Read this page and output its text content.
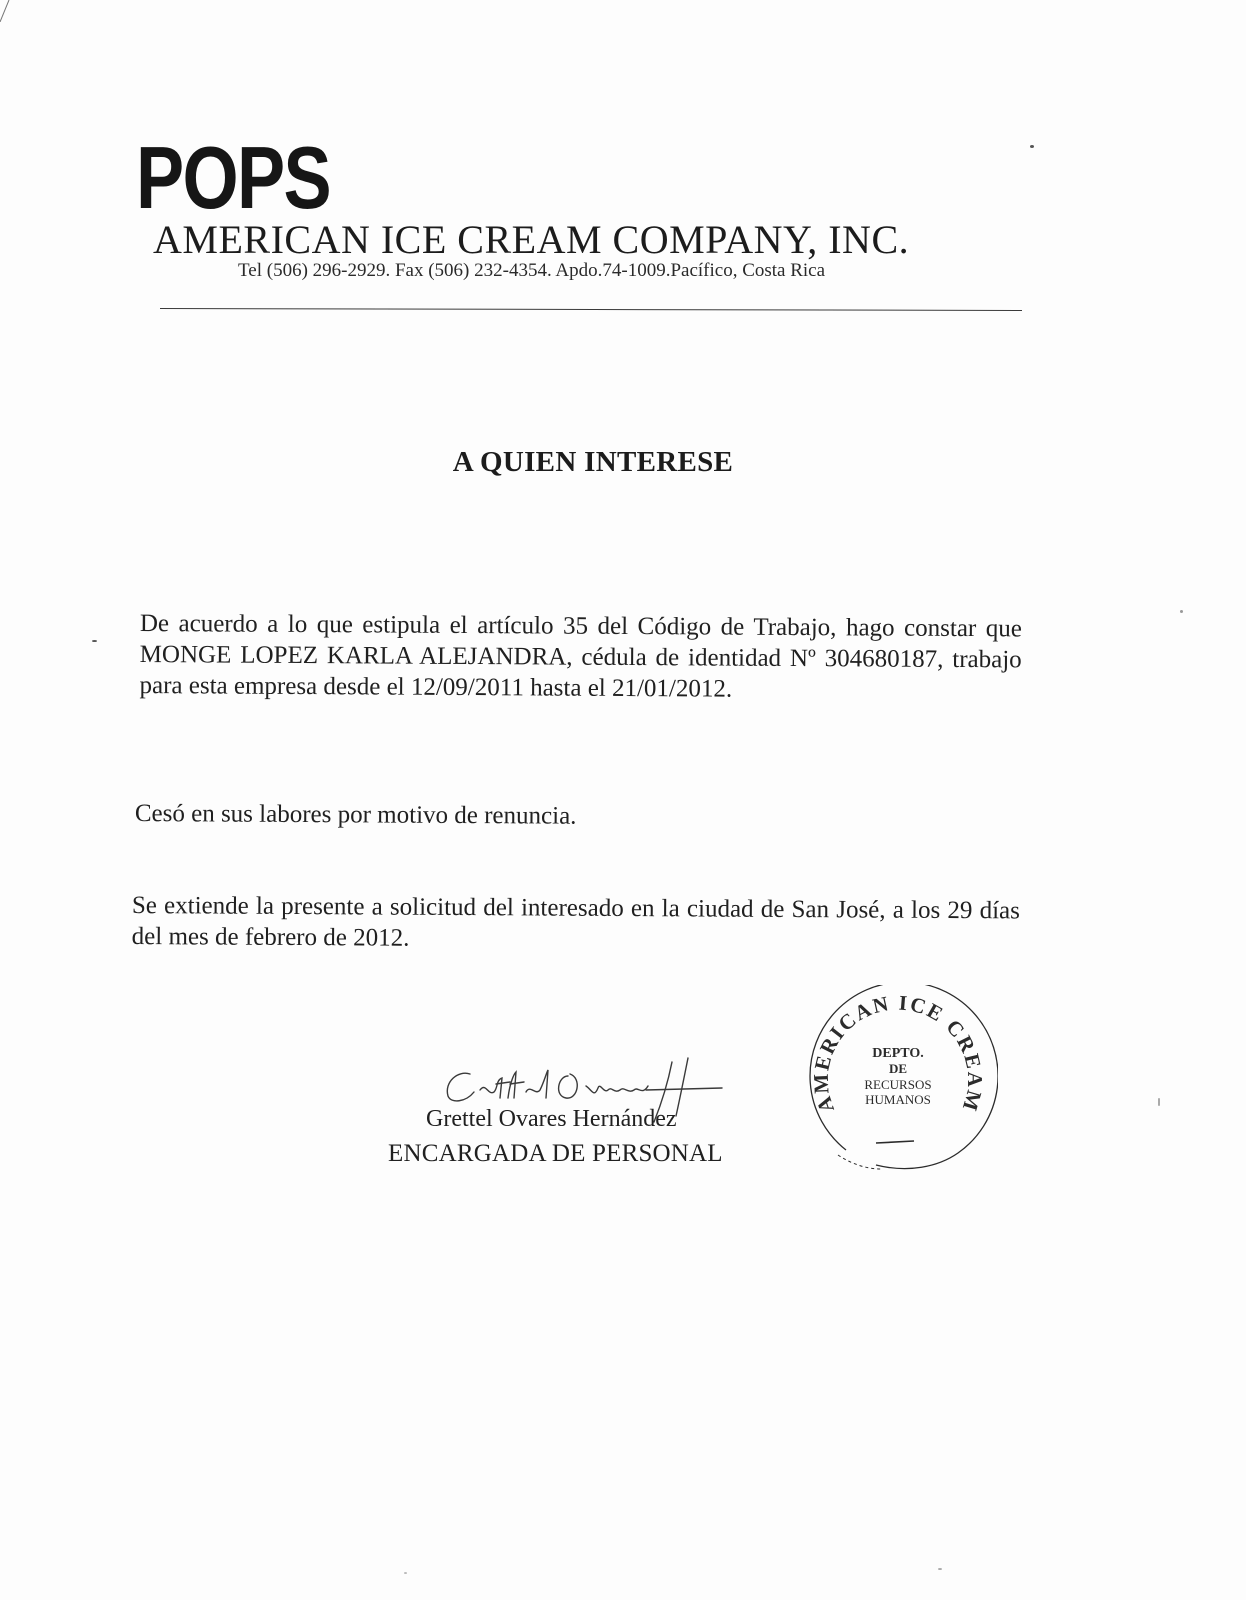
POPS
AMERICAN ICE CREAM COMPANY, INC.
Tel (506) 296-2929. Fax (506) 232-4354. Apdo.74-1009.Pacífico, Costa Rica
A QUIEN INTERESE
De acuerdo a lo que estipula el artículo 35 del Código de Trabajo, hago constar que MONGE LOPEZ KARLA ALEJANDRA, cédula de identidad Nº 304680187, trabajo para esta empresa desde el 12/09/2011 hasta el 21/01/2012.
Cesó en sus labores por motivo de renuncia.
Se extiende la presente a solicitud del interesado en la ciudad de San José, a los 29 días del mes de febrero de 2012.
Grettel Ovares Hernández
ENCARGADA DE PERSONAL
AMERICAN ICE CREAM
DEPTO.
DE
RECURSOS
HUMANOS
